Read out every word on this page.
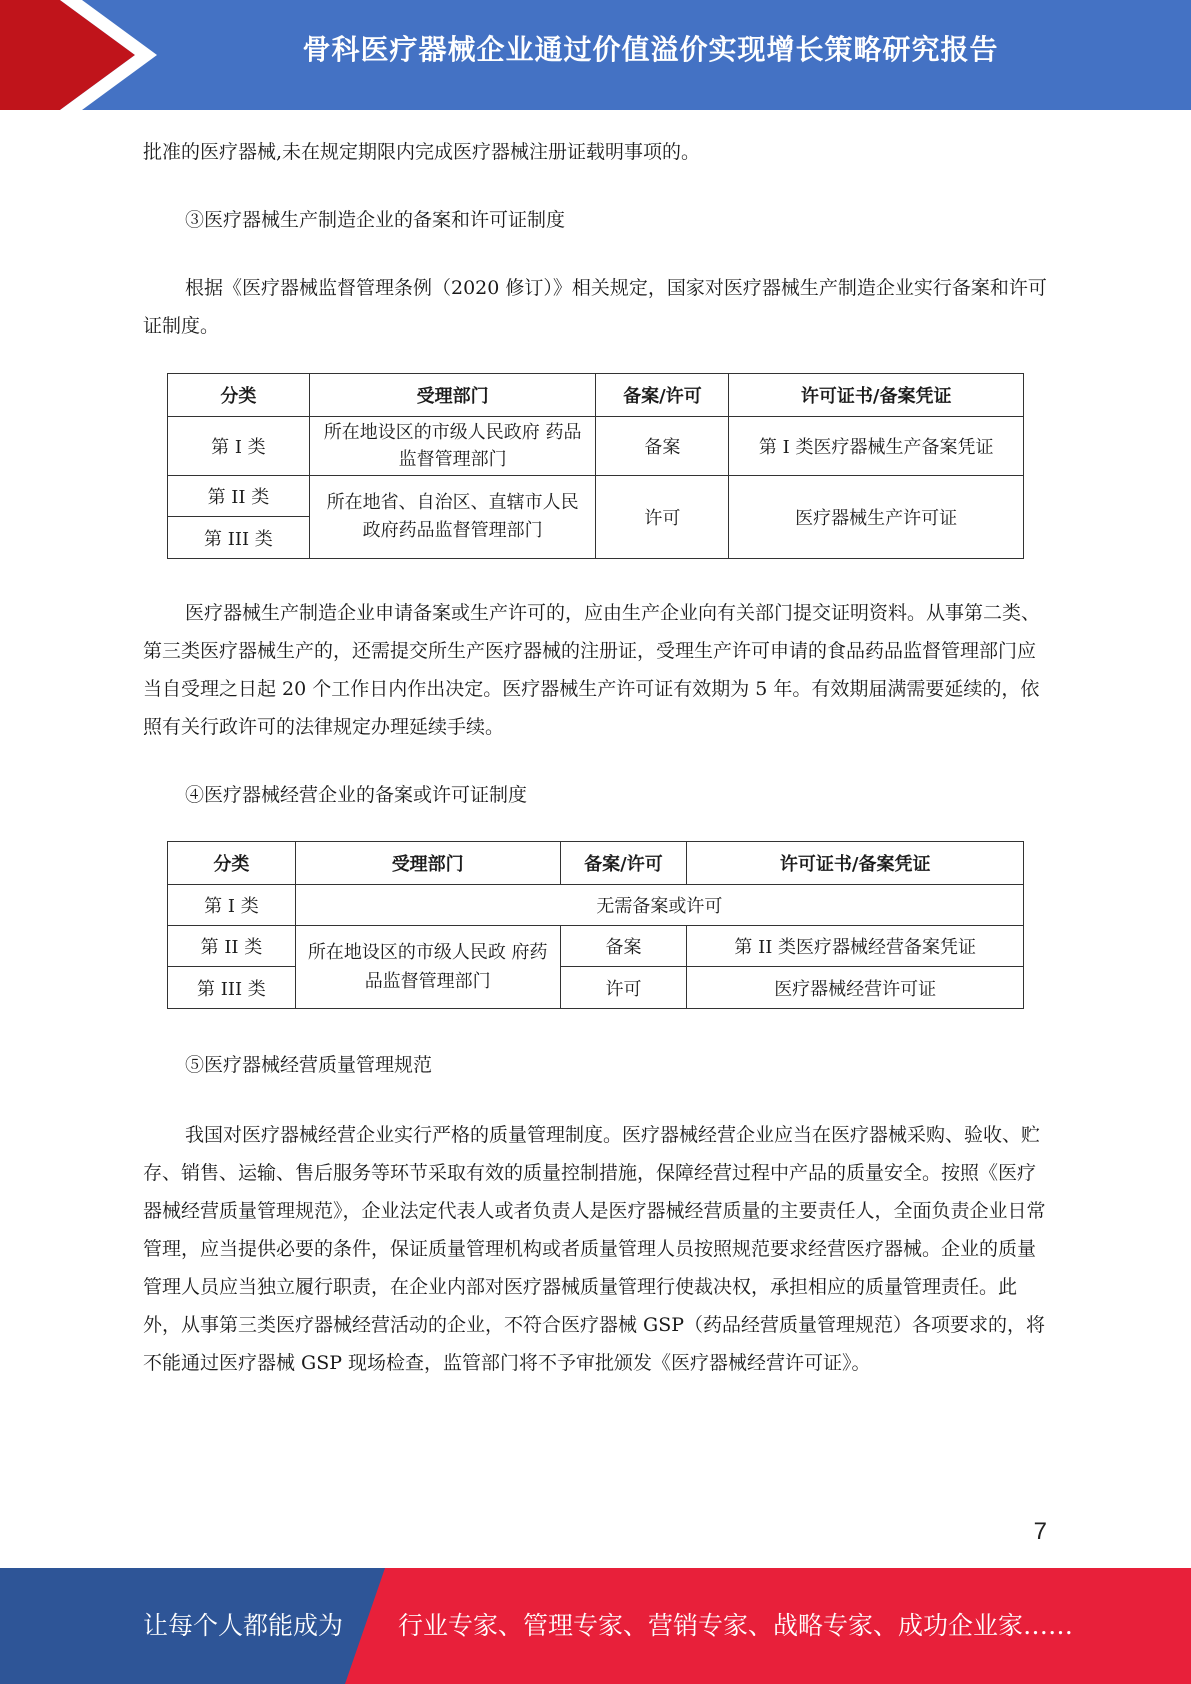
骨科医疗器械企业通过价值溢价实现增长策略研究报告

批准的医疗器械,未在规定期限内完成医疗器械注册证载明事项的。

③医疗器械生产制造企业的备案和许可证制度

根据《医疗器械监督管理条例（2020 修订）》相关规定，国家对医疗器械生产制造企业实行备案和许可证制度。

分类	受理部门	备案/许可	许可证书/备案凭证
第 I 类	所在地设区的市级人民政府 药品监督管理部门	备案	第 I 类医疗器械生产备案凭证
第 II 类	所在地省、自治区、直辖市人民政府药品监督管理部门	许可	医疗器械生产许可证
第 III 类			

医疗器械生产制造企业申请备案或生产许可的，应由生产企业向有关部门提交证明资料。从事第二类、第三类医疗器械生产的，还需提交所生产医疗器械的注册证，受理生产许可申请的食品药品监督管理部门应当自受理之日起 20 个工作日内作出决定。医疗器械生产许可证有效期为 5 年。有效期届满需要延续的，依照有关行政许可的法律规定办理延续手续。

④医疗器械经营企业的备案或许可证制度

分类	受理部门	备案/许可	许可证书/备案凭证
第 I 类	无需备案或许可		
第 II 类	所在地设区的市级人民政 府药品监督管理部门	备案	第 II 类医疗器械经营备案凭证
第 III 类		许可	医疗器械经营许可证

⑤医疗器械经营质量管理规范

我国对医疗器械经营企业实行严格的质量管理制度。医疗器械经营企业应当在医疗器械采购、验收、贮存、销售、运输、售后服务等环节采取有效的质量控制措施，保障经营过程中产品的质量安全。按照《医疗器械经营质量管理规范》，企业法定代表人或者负责人是医疗器械经营质量的主要责任人，全面负责企业日常管理，应当提供必要的条件，保证质量管理机构或者质量管理人员按照规范要求经营医疗器械。企业的质量管理人员应当独立履行职责，在企业内部对医疗器械质量管理行使裁决权，承担相应的质量管理责任。此外，从事第三类医疗器械经营活动的企业，不符合医疗器械 GSP（药品经营质量管理规范）各项要求的，将不能通过医疗器械 GSP 现场检查，监管部门将不予审批颁发《医疗器械经营许可证》。

7
让每个人都能成为 行业专家、管理专家、营销专家、战略专家、成功企业家……
